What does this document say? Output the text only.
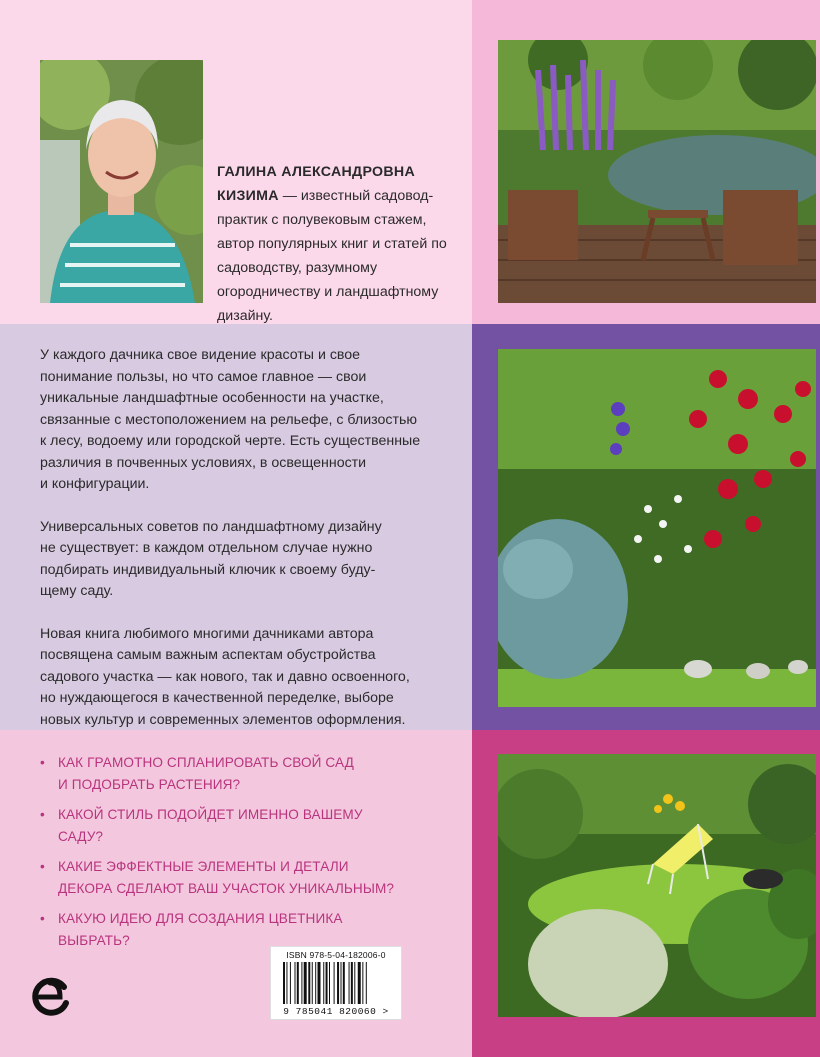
ГАЛИНА АЛЕКСАНДРОВНА КИЗИМА — известный садовод-практик с полувековым стажем, автор популярных книг и статей по садоводству, разумному огородничеству и ландшафтному дизайну.

У каждого дачника свое видение красоты и свое
понимание пользы, но что самое главное — свои
уникальные ландшафтные особенности на участке,
связанные с местоположением на рельефе, с близостью
к лесу, водоему или городской черте. Есть существенные
различия в почвенных условиях, в освещенности
и конфигурации.

Универсальных советов по ландшафтному дизайну
не существует: в каждом отдельном случае нужно
подбирать индивидуальный ключик к своему буду-
щему саду.

Новая книга любимого многими дачниками автора
посвящена самым важным аспектам обустройства
садового участка — как нового, так и давно освоенного,
но нуждающегося в качественной переделке, выборе
новых культур и современных элементов оформления.

• КАК ГРАМОТНО СПЛАНИРОВАТЬ СВОЙ САД
И ПОДОБРАТЬ РАСТЕНИЯ?
• КАКОЙ СТИЛЬ ПОДОЙДЕТ ИМЕННО ВАШЕМУ
САДУ?
• КАКИЕ ЭФФЕКТНЫЕ ЭЛЕМЕНТЫ И ДЕТАЛИ
ДЕКОРА СДЕЛАЮТ ВАШ УЧАСТОК УНИКАЛЬНЫМ?
• КАКУЮ ИДЕЮ ДЛЯ СОЗДАНИЯ ЦВЕТНИКА
ВЫБРАТЬ?
ISBN 978-5-04-182006-0
9 785041 820060 >
